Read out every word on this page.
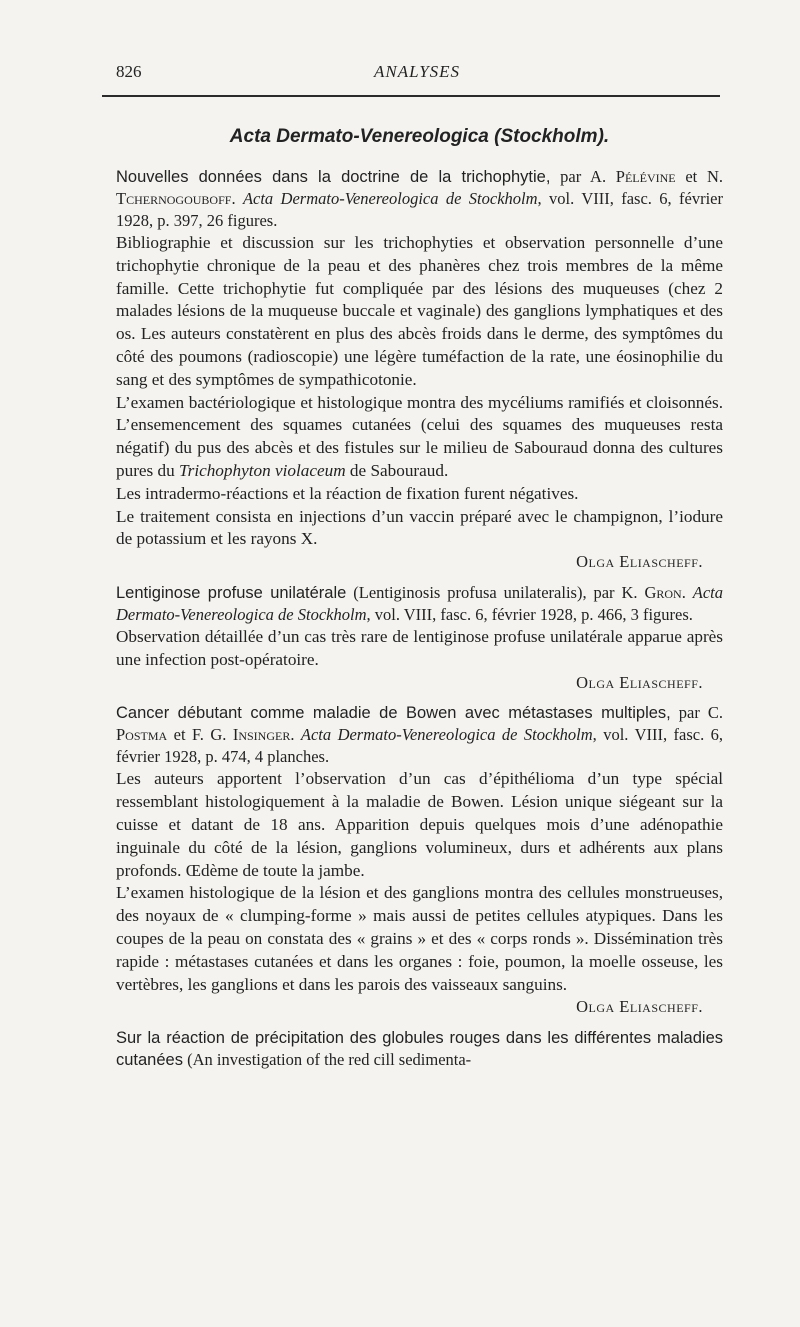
826	ANALYSES
Acta Dermato-Venereologica (Stockholm).

Nouvelles données dans la doctrine de la trichophytie, par A. Pélévine et N. Tchernogouboff. Acta Dermato-Venereologica de Stockholm, vol. VIII, fasc. 6, février 1928, p. 397, 26 figures.

Bibliographie et discussion sur les trichophyties et observation personnelle d’une trichophytie chronique de la peau et des phanères chez trois membres de la même famille. Cette trichophytie fut compliquée par des lésions des muqueuses (chez 2 malades lésions de la muqueuse buccale et vaginale) des ganglions lymphatiques et des os. Les auteurs constatèrent en plus des abcès froids dans le derme, des symptômes du côté des poumons (radioscopie) une légère tuméfaction de la rate, une éosinophilie du sang et des symptômes de sympathicotonie.

L’examen bactériologique et histologique montra des mycéliums ramifiés et cloisonnés. L’ensemencement des squames cutanées (celui des squames des muqueuses resta négatif) du pus des abcès et des fistules sur le milieu de Sabouraud donna des cultures pures du Trichophyton violaceum de Sabouraud.

Les intradermo-réactions et la réaction de fixation furent négatives.

Le traitement consista en injections d’un vaccin préparé avec le champignon, l’iodure de potassium et les rayons X.

Olga Eliascheff.

Lentiginose profuse unilatérale (Lentiginosis profusa unilateralis), par K. Gron. Acta Dermato-Venereologica de Stockholm, vol. VIII, fasc. 6, février 1928, p. 466, 3 figures.

Observation détaillée d’un cas très rare de lentiginose profuse unilatérale apparue après une infection post-opératoire.

Olga Eliascheff.

Cancer débutant comme maladie de Bowen avec métastases multiples, par C. Postma et F. G. Insinger. Acta Dermato-Venereologica de Stockholm, vol. VIII, fasc. 6, février 1928, p. 474, 4 planches.

Les auteurs apportent l’observation d’un cas d’épithélioma d’un type spécial ressemblant histologiquement à la maladie de Bowen. Lésion unique siégeant sur la cuisse et datant de 18 ans. Apparition depuis quelques mois d’une adénopathie inguinale du côté de la lésion, ganglions volumineux, durs et adhérents aux plans profonds. Œdème de toute la jambe.

L’examen histologique de la lésion et des ganglions montra des cellules monstrueuses, des noyaux de « clumping-forme » mais aussi de petites cellules atypiques. Dans les coupes de la peau on constata des « grains » et des « corps ronds ». Dissémination très rapide : métastases cutanées et dans les organes : foie, poumon, la moelle osseuse, les vertèbres, les ganglions et dans les parois des vaisseaux sanguins.

Olga Eliascheff.

Sur la réaction de précipitation des globules rouges dans les différentes maladies cutanées (An investigation of the red cill sedimenta-
